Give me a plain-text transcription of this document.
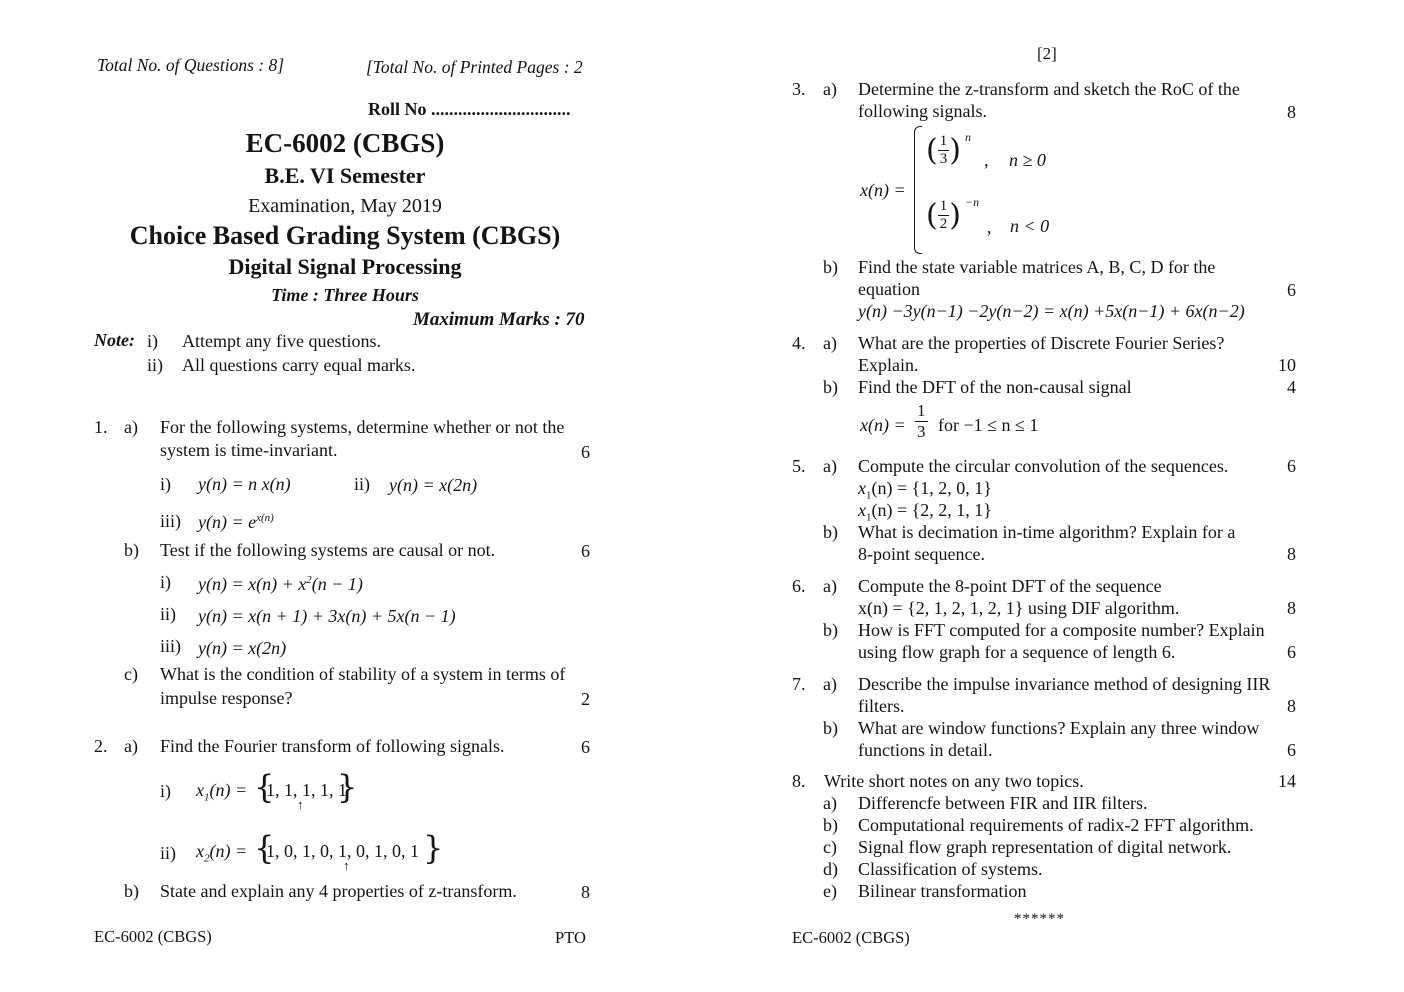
Total No. of Questions : 8]	[Total No. of Printed Pages : 2
Roll No ...............................
EC-6002 (CBGS)
B.E. VI Semester
Examination, May 2019
Choice Based Grading System (CBGS)
Digital Signal Processing
Time : Three Hours
Maximum Marks : 70
Note: i) Attempt any five questions.
ii) All questions carry equal marks.
1. a) For the following systems, determine whether or not the
system is time-invariant.	6
i) y(n) = n x(n)	ii) y(n) = x(2n)
iii) $y(n) = e^{x(n)}$
b) Test if the following systems are causal or not.	6
i) $y(n) = x(n) + x^2(n - 1)$
ii) y(n) = x(n + 1) + 3x(n) + 5x(n − 1)
iii) y(n) = x(2n)
c) What is the condition of stability of a system in terms of
impulse response?	2
2. a) Find the Fourier transform of following signals.	6
i) $x_1(n)$ = {
1, 1, 1, 1, 1
}
↑
ii) $x_2(n)$ = {
1, 0, 1, 0, 1, 0, 1, 0, 1 }
↑
b) State and explain any 4 properties of z-transform.	8
EC-6002 (CBGS)	PTO
[2]
3. a) Determine the z-transform and sketch the RoC of the
following signals.	8
x(n) =
( $\frac{1}{3}$ ) n
, n ≥ 0
( $\frac{1}{2}$ ) −n
, n < 0
b) Find the state variable matrices A, B, C, D for the
equation	6
y(n) −3y(n−1) −2y(n−2) = x(n) +5x(n−1) + 6x(n−2)
4. a) What are the properties of Discrete Fourier Series?
Explain.	10
b) Find the DFT of the non-causal signal	4
$x(n) = \frac{1}{3}$ for −1 ≤ n ≤ 1
5. a) Compute the circular convolution of the sequences.	6
$x_1(n) = \{1$, 2, 0, 1}
$x_1(n) = \{2$, 2, 1, 1}
b) What is decimation in-time algorithm? Explain for a
8-point sequence.	8
6. a) Compute the 8-point DFT of the sequence
x(n) = {2, 1, 2, 1, 2, 1} using DIF algorithm.	8
b) How is FFT computed for a composite number? Explain
using flow graph for a sequence of length 6.	6
7. a) Describe the impulse invariance method of designing IIR
filters.	8
b) What are window functions? Explain any three window
functions in detail.	6
8. Write short notes on any two topics.	14
a) Differencfe between FIR and IIR filters.
b) Computational requirements of radix-2 FFT algorithm.
c) Signal flow graph representation of digital network.
d) Classification of systems.
e) Bilinear transformation
******
EC-6002 (CBGS)
